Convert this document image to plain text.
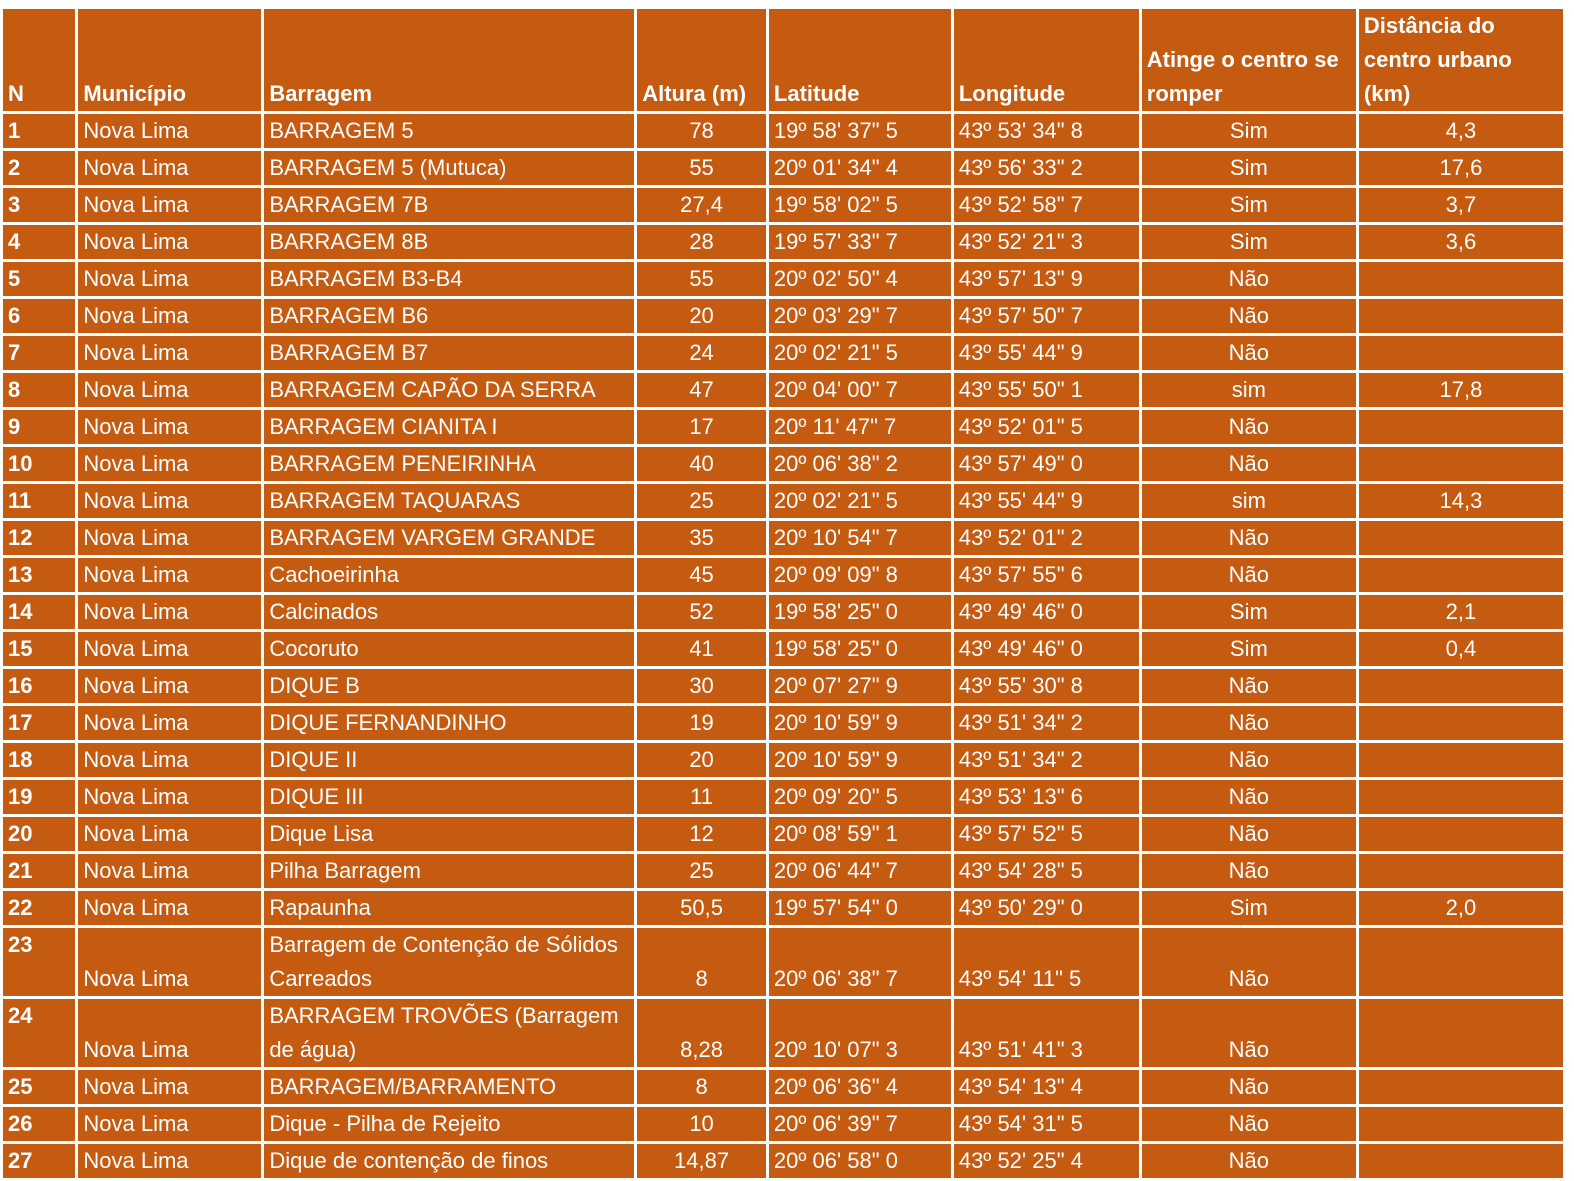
N	Município	Barragem	Altura (m)	Latitude	Longitude	Atinge o centro se romper	Distância do centro urbano (km)
1	Nova Lima	BARRAGEM 5	78	19º 58' 37" 5	43º 53' 34" 8	Sim	4,3
2	Nova Lima	BARRAGEM 5 (Mutuca)	55	20º 01' 34" 4	43º 56' 33" 2	Sim	17,6
3	Nova Lima	BARRAGEM 7B	27,4	19º 58' 02" 5	43º 52' 58" 7	Sim	3,7
4	Nova Lima	BARRAGEM 8B	28	19º 57' 33" 7	43º 52' 21" 3	Sim	3,6
5	Nova Lima	BARRAGEM B3-B4	55	20º 02' 50" 4	43º 57' 13" 9	Não	
6	Nova Lima	BARRAGEM B6	20	20º 03' 29" 7	43º 57' 50" 7	Não	
7	Nova Lima	BARRAGEM B7	24	20º 02' 21" 5	43º 55' 44" 9	Não	
8	Nova Lima	BARRAGEM CAPÃO DA SERRA	47	20º 04' 00" 7	43º 55' 50" 1	sim	17,8
9	Nova Lima	BARRAGEM CIANITA I	17	20º 11' 47" 7	43º 52' 01" 5	Não	
10	Nova Lima	BARRAGEM PENEIRINHA	40	20º 06' 38" 2	43º 57' 49" 0	Não	
11	Nova Lima	BARRAGEM TAQUARAS	25	20º 02' 21" 5	43º 55' 44" 9	sim	14,3
12	Nova Lima	BARRAGEM VARGEM GRANDE	35	20º 10' 54" 7	43º 52' 01" 2	Não	
13	Nova Lima	Cachoeirinha	45	20º 09' 09" 8	43º 57' 55" 6	Não	
14	Nova Lima	Calcinados	52	19º 58' 25" 0	43º 49' 46" 0	Sim	2,1
15	Nova Lima	Cocoruto	41	19º 58' 25" 0	43º 49' 46" 0	Sim	0,4
16	Nova Lima	DIQUE B	30	20º 07' 27" 9	43º 55' 30" 8	Não	
17	Nova Lima	DIQUE FERNANDINHO	19	20º 10' 59" 9	43º 51' 34" 2	Não	
18	Nova Lima	DIQUE II	20	20º 10' 59" 9	43º 51' 34" 2	Não	
19	Nova Lima	DIQUE III	11	20º 09' 20" 5	43º 53' 13" 6	Não	
20	Nova Lima	Dique Lisa	12	20º 08' 59" 1	43º 57' 52" 5	Não	
21	Nova Lima	Pilha Barragem	25	20º 06' 44" 7	43º 54' 28" 5	Não	
22	Nova Lima	Rapaunha	50,5	19º 57' 54" 0	43º 50' 29" 0	Sim	2,0
23	Nova Lima	Barragem de Contenção de Sólidos Carreados	8	20º 06' 38" 7	43º 54' 11" 5	Não	
24	Nova Lima	BARRAGEM TROVÕES (Barragem de água)	8,28	20º 10' 07" 3	43º 51' 41" 3	Não	
25	Nova Lima	BARRAGEM/BARRAMENTO	8	20º 06' 36" 4	43º 54' 13" 4	Não	
26	Nova Lima	Dique - Pilha de Rejeito	10	20º 06' 39" 7	43º 54' 31" 5	Não	
27	Nova Lima	Dique de contenção de finos	14,87	20º 06' 58" 0	43º 52' 25" 4	Não	
